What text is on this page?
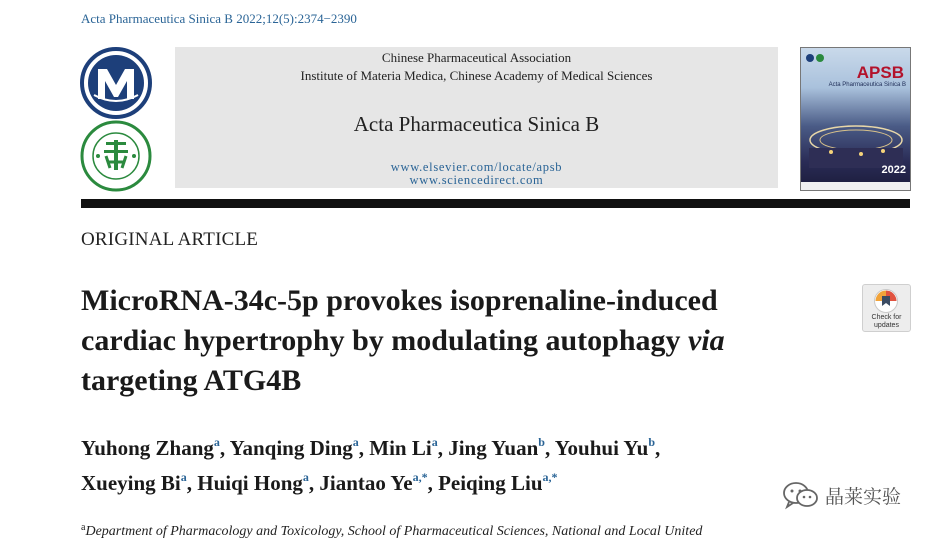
Acta Pharmaceutica Sinica B 2022;12(5):2374−2390
Chinese Pharmaceutical Association
Institute of Materia Medica, Chinese Academy of Medical Sciences
Acta Pharmaceutica Sinica B
www.elsevier.com/locate/apsb
www.sciencedirect.com
APSB
Acta Pharmaceutica Sinica B
2022
ORIGINAL ARTICLE
MicroRNA-34c-5p provokes isoprenaline-induced cardiac hypertrophy by modulating autophagy via targeting ATG4B
Check for
updates
Yuhong Zhang$^a$, Yanqing Ding$^a$, Min Li$^a$, Jing Yuan$^b$, Youhui Yu$^b$,
Xueying Bi$^a$, Huiqi Hong$^a$, Jiantao Ye$^{a,*}$, Peiqing Liu$^{a,*}$
晶莱实验
$^a$Department of Pharmacology and Toxicology, School of Pharmaceutical Sciences, National and Local United
